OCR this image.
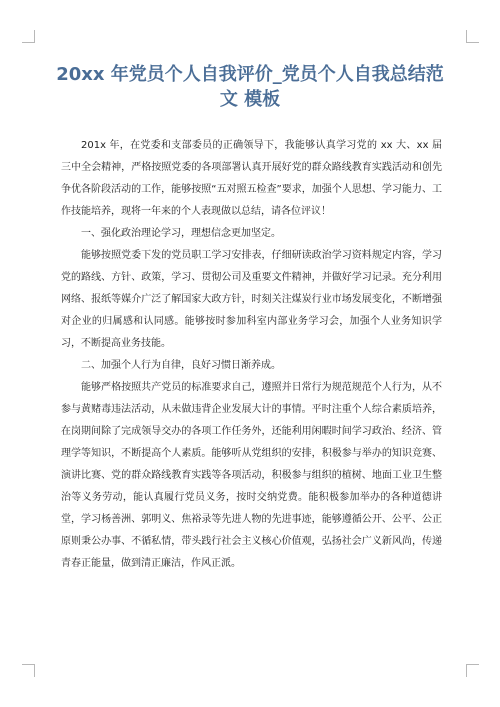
20xx 年党员个人自我评价_党员个人自我总结范
文 模板

201x 年，在党委和支部委员的正确领导下，我能够认真学习党的 xx 大、xx 届三中全会精神，严格按照党委的各项部署认真开展好党的群众路线教育实践活动和创先争优各阶段活动的工作，能够按照“五对照五检查”要求，加强个人思想、学习能力、工作技能培养，现将一年来的个人表现做以总结，请各位评议！

一、强化政治理论学习，理想信念更加坚定。

能够按照党委下发的党员职工学习安排表，仔细研读政治学习资料规定内容，学习党的路线、方针、政策，学习、贯彻公司及重要文件精神，并做好学习记录。充分利用网络、报纸等媒介广泛了解国家大政方针，时刻关注煤炭行业市场发展变化，不断增强对企业的归属感和认同感。能够按时参加科室内部业务学习会，加强个人业务知识学习，不断提高业务技能。

二、加强个人行为自律，良好习惯日渐养成。

能够严格按照共产党员的标准要求自己，遵照并日常行为规范规范个人行为，从不参与黄赌毒违法活动，从未做违背企业发展大计的事情。平时注重个人综合素质培养，在岗期间除了完成领导交办的各项工作任务外，还能利用闲暇时间学习政治、经济、管理学等知识，不断提高个人素质。能够听从党组织的安排，积极参与举办的知识竞赛、演讲比赛、党的群众路线教育实践等各项活动，积极参与组织的植树、地面工业卫生整治等义务劳动，能认真履行党员义务，按时交纳党费。能积极参加举办的各种道德讲堂，学习杨善洲、郭明义、焦裕录等先进人物的先进事迹，能够遵循公开、公平、公正原则秉公办事、不循私情，带头践行社会主义核心价值观，弘扬社会广义新风尚，传递青春正能量，做到清正廉洁，作风正派。
